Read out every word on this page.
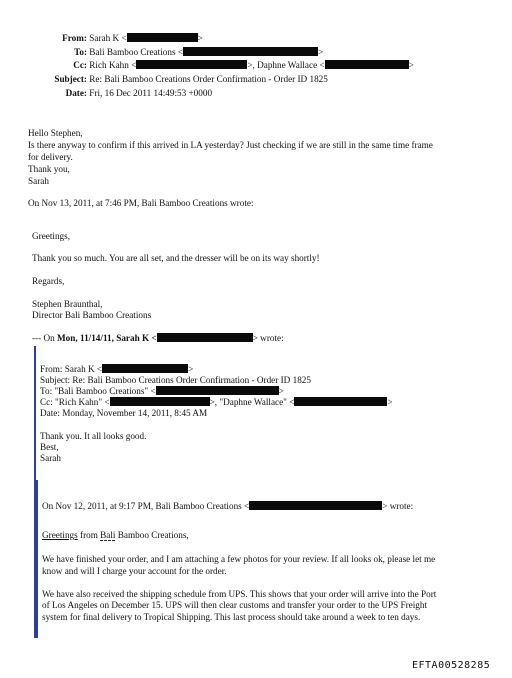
From: Sarah K <	>
To: Bali Bamboo Creations <	>
Cc: Rich Kahn <	>, Daphne Wallace <	>
Subject: Re: Bali Bamboo Creations Order Confirmation - Order ID 1825
Date: Fri, 16 Dec 2011 14:49:53 +0000
Hello Stephen,
Is there anyway to confirm if this arrived in LA yesterday? Just checking if we are still in the same time frame
for delivery.
Thank you,
Sarah
On Nov 13, 2011, at 7:46 PM, Bali Bamboo Creations wrote:
Greetings,
Thank you so much. You are all set, and the dresser will be on its way shortly!
Regards,
Stephen Braunthal,
Director Bali Bamboo Creations
--- On Mon, 11/14/11, Sarah K <	> wrote:
From: Sarah K <	>
Subject: Re: Bali Bamboo Creations Order Confirmation - Order ID 1825
To: "Bali Bamboo Creations" <	>
Cc: "Rich Kahn" <	>, "Daphne Wallace" <	>
Date: Monday, November 14, 2011, 8:45 AM
Thank you. It all looks good.
Best,
Sarah
On Nov 12, 2011, at 9:17 PM, Bali Bamboo Creations <	> wrote:
Greetings from Bali Bamboo Creations,
We have finished your order, and I am attaching a few photos for your review. If all looks ok, please let me
know and will I charge your account for the order.
We have also received the shipping schedule from UPS. This shows that your order will arrive into the Port
of Los Angeles on December 15. UPS will then clear customs and transfer your order to the UPS Freight
system for final delivery to Tropical Shipping. This last process should take around a week to ten days.
EFTA00528285
